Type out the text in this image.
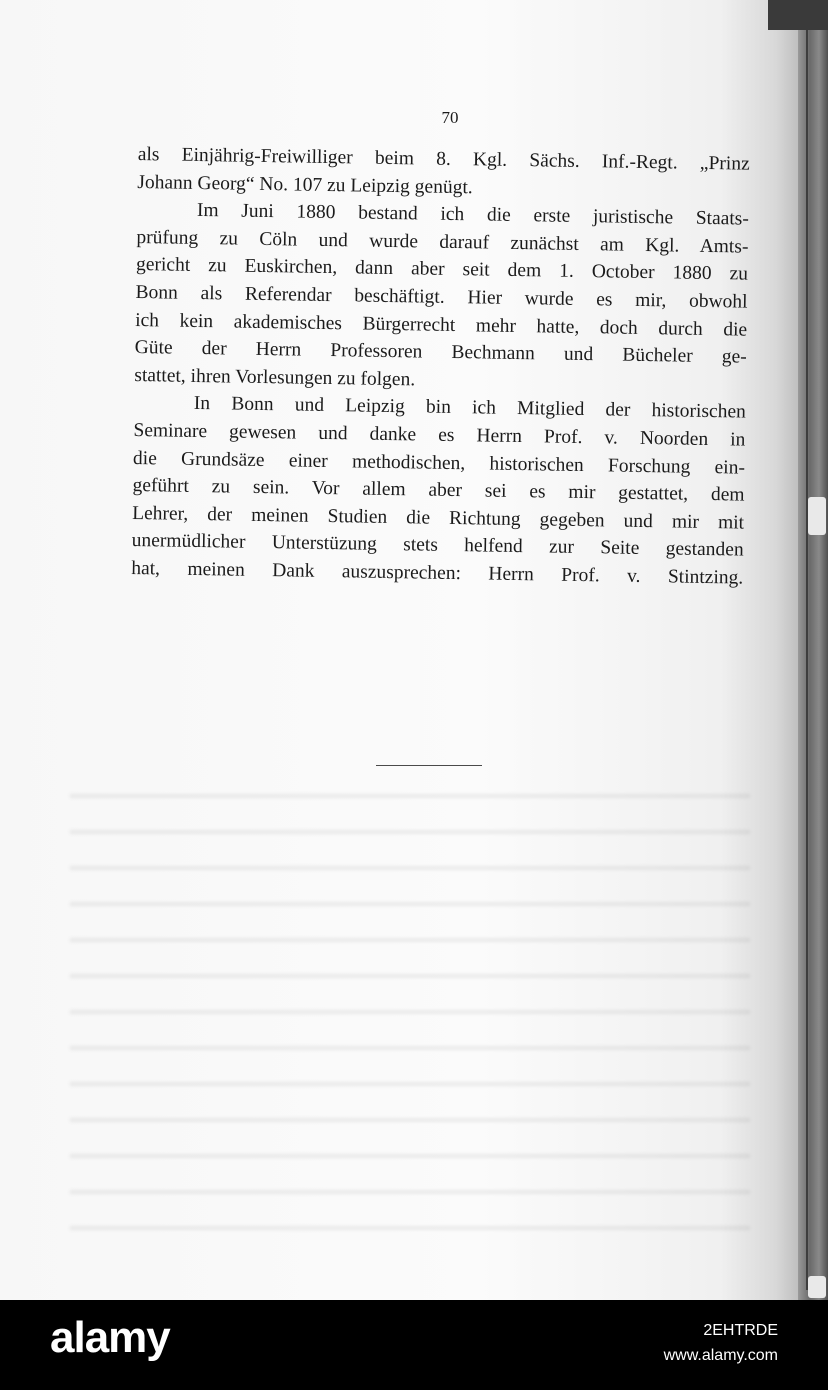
70
als Einjährig-Freiwilliger beim 8. Kgl. Sächs. Inf.-Regt. „Prinz
Johann Georg“ No. 107 zu Leipzig genügt.
Im Juni 1880 bestand ich die erste juristische Staats-
prüfung zu Cöln und wurde darauf zunächst am Kgl. Amts-
gericht zu Euskirchen, dann aber seit dem 1. October 1880 zu
Bonn als Referendar beschäftigt. Hier wurde es mir, obwohl
ich kein akademisches Bürgerrecht mehr hatte, doch durch die
Güte der Herrn Professoren Bechmann und Bücheler ge-
stattet, ihren Vorlesungen zu folgen.
In Bonn und Leipzig bin ich Mitglied der historischen
Seminare gewesen und danke es Herrn Prof. v. Noorden in
die Grundsäze einer methodischen, historischen Forschung ein-
geführt zu sein. Vor allem aber sei es mir gestattet, dem
Lehrer, der meinen Studien die Richtung gegeben und mir mit
unermüdlicher Unterstüzung stets helfend zur Seite gestanden
hat, meinen Dank auszusprechen: Herrn Prof. v. Stintzing.
alamy	2EHTRDE
www.alamy.com
